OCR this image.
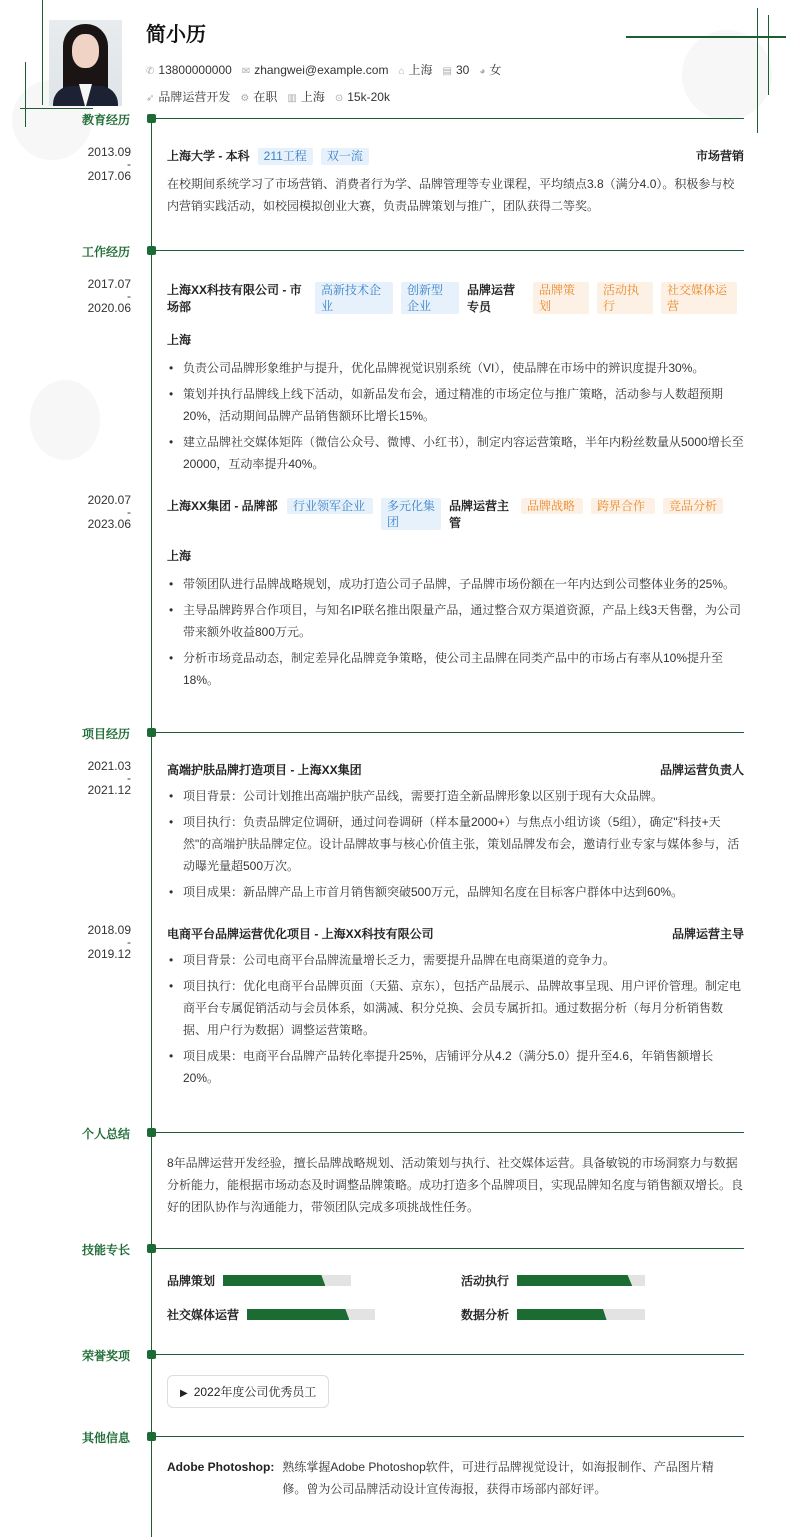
简小历
✆ 13800000000 ✉ zhangwei@example.com ⌂ 上海 ▤ 30 ◕ 女
➶ 品牌运营开发 ⚙ 在职 ▥ 上海 ⊙ 15k-20k
教育经历
2013.09
-
2017.06
上海大学 - 本科	211工程	双一流	市场营销
在校期间系统学习了市场营销、消费者行为学、品牌管理等专业课程，平均绩点3.8（满分4.0）。积极参与校内营销实践活动，如校园模拟创业大赛，负责品牌策划与推广，团队获得二等奖。
工作经历
2017.07
-
2020.06
上海XX科技有限公司 - 市场部
高新技术企业
创新型企业
品牌运营专员
品牌策划
活动执行
社交媒体运营
上海
• 负责公司品牌形象维护与提升，优化品牌视觉识别系统（VI），使品牌在市场中的辨识度提升30%。
• 策划并执行品牌线上线下活动，如新品发布会，通过精准的市场定位与推广策略，活动参与人数超预期20%，活动期间品牌产品销售额环比增长15%。
• 建立品牌社交媒体矩阵（微信公众号、微博、小红书），制定内容运营策略，半年内粉丝数量从5000增长至20000，互动率提升40%。
2020.07
-
2023.06
上海XX集团 - 品牌部	行业领军企业	多元化集团
品牌运营主管
品牌战略	跨界合作	竞品分析
上海
• 带领团队进行品牌战略规划，成功打造公司子品牌，子品牌市场份额在一年内达到公司整体业务的25%。
• 主导品牌跨界合作项目，与知名IP联名推出限量产品，通过整合双方渠道资源，产品上线3天售罄，为公司带来额外收益800万元。
• 分析市场竞品动态，制定差异化品牌竞争策略，使公司主品牌在同类产品中的市场占有率从10%提升至18%。
项目经历
2021.03
-
2021.12
高端护肤品牌打造项目 - 上海XX集团	品牌运营负责人
• 项目背景：公司计划推出高端护肤产品线，需要打造全新品牌形象以区别于现有大众品牌。
• 项目执行：负责品牌定位调研，通过问卷调研（样本量2000+）与焦点小组访谈（5组），确定"科技+天然"的高端护肤品牌定位。设计品牌故事与核心价值主张，策划品牌发布会，邀请行业专家与媒体参与，活动曝光量超500万次。
• 项目成果：新品牌产品上市首月销售额突破500万元，品牌知名度在目标客户群体中达到60%。
2018.09
-
2019.12
电商平台品牌运营优化项目 - 上海XX科技有限公司	品牌运营主导
• 项目背景：公司电商平台品牌流量增长乏力，需要提升品牌在电商渠道的竞争力。
• 项目执行：优化电商平台品牌页面（天猫、京东），包括产品展示、品牌故事呈现、用户评价管理。制定电商平台专属促销活动与会员体系，如满减、积分兑换、会员专属折扣。通过数据分析（每月分析销售数据、用户行为数据）调整运营策略。
• 项目成果：电商平台品牌产品转化率提升25%，店铺评分从4.2（满分5.0）提升至4.6，年销售额增长20%。
个人总结
8年品牌运营开发经验，擅长品牌战略规划、活动策划与执行、社交媒体运营。具备敏锐的市场洞察力与数据分析能力，能根据市场动态及时调整品牌策略。成功打造多个品牌项目，实现品牌知名度与销售额双增长。良好的团队协作与沟通能力，带领团队完成多项挑战性任务。
技能专长
品牌策划	活动执行
社交媒体运营	数据分析
荣誉奖项
▶ 2022年度公司优秀员工
其他信息
Adobe Photoshop: 熟练掌握Adobe Photoshop软件，可进行品牌视觉设计，如海报制作、产品图片精修。曾为公司品牌活动设计宣传海报，获得市场部内部好评。
